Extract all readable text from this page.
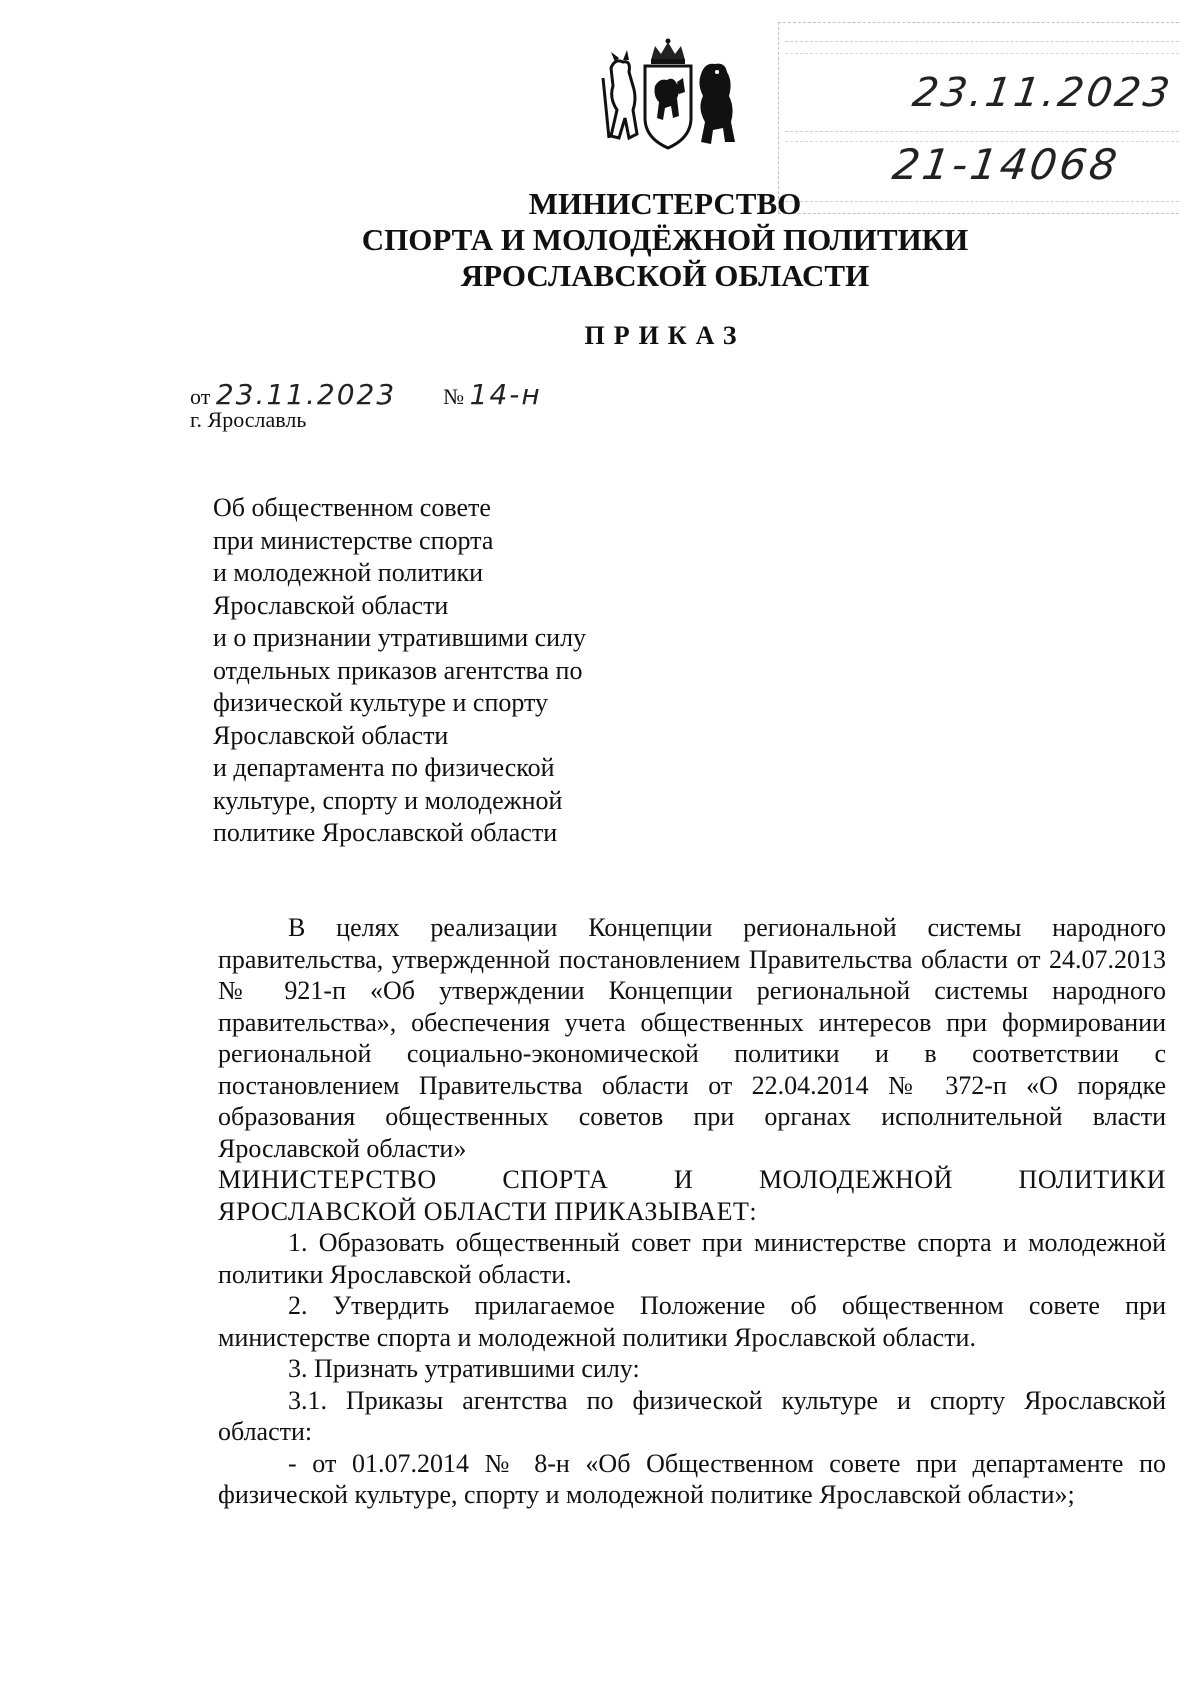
23.11.2023
21-14068
МИНИСТЕРСТВО
СПОРТА И МОЛОДЁЖНОЙ ПОЛИТИКИ
ЯРОСЛАВСКОЙ ОБЛАСТИ
ПРИКАЗ
от 23.11.2023 № 14-н
г. Ярославль
Об общественном совете
при министерстве спорта
и молодежной политики
Ярославской области
и о признании утратившими силу
отдельных приказов агентства по
физической культуре и спорту
Ярославской области
и департамента по физической
культуре, спорту и молодежной
политике Ярославской области

В целях реализации Концепции региональной системы народного правительства, утвержденной постановлением Правительства области от 24.07.2013 № 921-п «Об утверждении Концепции региональной системы народного правительства», обеспечения учета общественных интересов при формировании региональной социально-экономической политики и в соответствии с постановлением Правительства области от 22.04.2014 № 372-п «О порядке образования общественных советов при органах исполнительной власти Ярославской области»

МИНИСТЕРСТВО СПОРТА И МОЛОДЕЖНОЙ ПОЛИТИКИ

ЯРОСЛАВСКОЙ ОБЛАСТИ ПРИКАЗЫВАЕТ:

1. Образовать общественный совет при министерстве спорта и молодежной политики Ярославской области.

2. Утвердить прилагаемое Положение об общественном совете при министерстве спорта и молодежной политики Ярославской области.

3. Признать утратившими силу:

3.1. Приказы агентства по физической культуре и спорту Ярославской области:

- от 01.07.2014 № 8-н «Об Общественном совете при департаменте по физической культуре, спорту и молодежной политике Ярославской области»;
